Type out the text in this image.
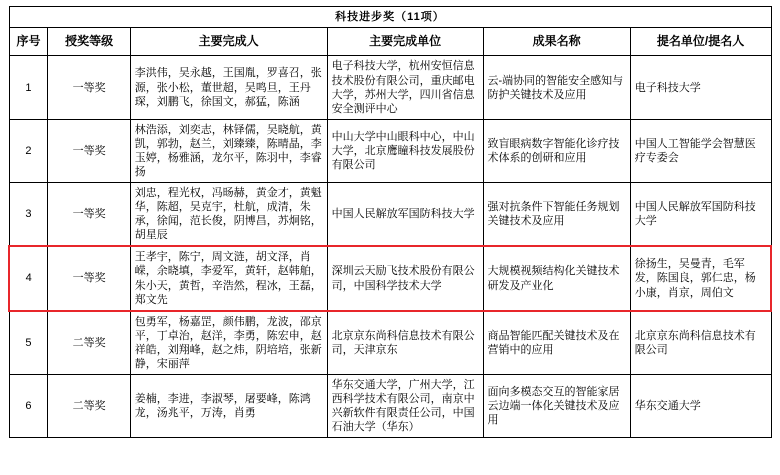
科技进步奖（11项）					
序号	授奖等级	主要完成人	主要完成单位	成果名称	提名单位/提名人
1	一等奖	李洪伟，吴永越，王国胤，罗喜召，张源，张小松，董世超，吴鸣旦，王丹琛，刘鹏飞，徐国文，郝猛，陈涵	电子科技大学，杭州安恒信息技术股份有限公司，重庆邮电大学，苏州大学，四川省信息安全测评中心	云-端协同的智能安全感知与防护关键技术及应用	电子科技大学
2	一等奖	林浩添，刘奕志，林铎儒，吴晓航，黄凯，郭勃，赵兰，刘臻臻，陈晴晶，李玉婷，杨雅涵，龙尔平，陈羽中，李睿扬	中山大学中山眼科中心，中山大学，北京鹰瞳科技发展股份有限公司	致盲眼病数字智能化诊疗技术体系的创研和应用	中国人工智能学会智慧医疗专委会
3	一等奖	刘忠，程光权，冯旸赫，黄金才，黄魁华，陈超，吴克宇，杜航，成清，朱承，徐闻，范长俊，阴博昌，苏炯铭，胡星辰	中国人民解放军国防科技大学	强对抗条件下智能任务规划关键技术及应用	中国人民解放军国防科技大学
4	一等奖	王孝宇，陈宁，周文涟，胡文泽，肖嵘，余晓填，李爱军，黄轩，赵韩舶，朱小天，黄哲，辛浩然，程冰，王磊，郑文先	深圳云天励飞技术股份有限公司，中国科学技术大学	大规模视频结构化关键技术研发及产业化	徐扬生，吴曼青，毛军发，陈国良，郭仁忠，杨小康，肖京，周伯文
5	二等奖	包勇军，杨嘉罡，颜伟鹏，龙波，邵京平，丁卓治，赵洋，李勇，陈宏申，赵祥皓，刘翔峰，赵之炜，阴培培，张新静，宋丽萍	北京京东尚科信息技术有限公司，天津京东	商品智能匹配关键技术及在营销中的应用	北京京东尚科信息技术有限公司
6	二等奖	姜楠，李进，李淑琴，屠要峰，陈鸿龙，汤兆平，万涛，肖勇	华东交通大学，广州大学，江西科学技术有限公司，南京中兴新软件有限责任公司，中国石油大学（华东）	面向多模态交互的智能家居云边端一体化关键技术及应用	华东交通大学
